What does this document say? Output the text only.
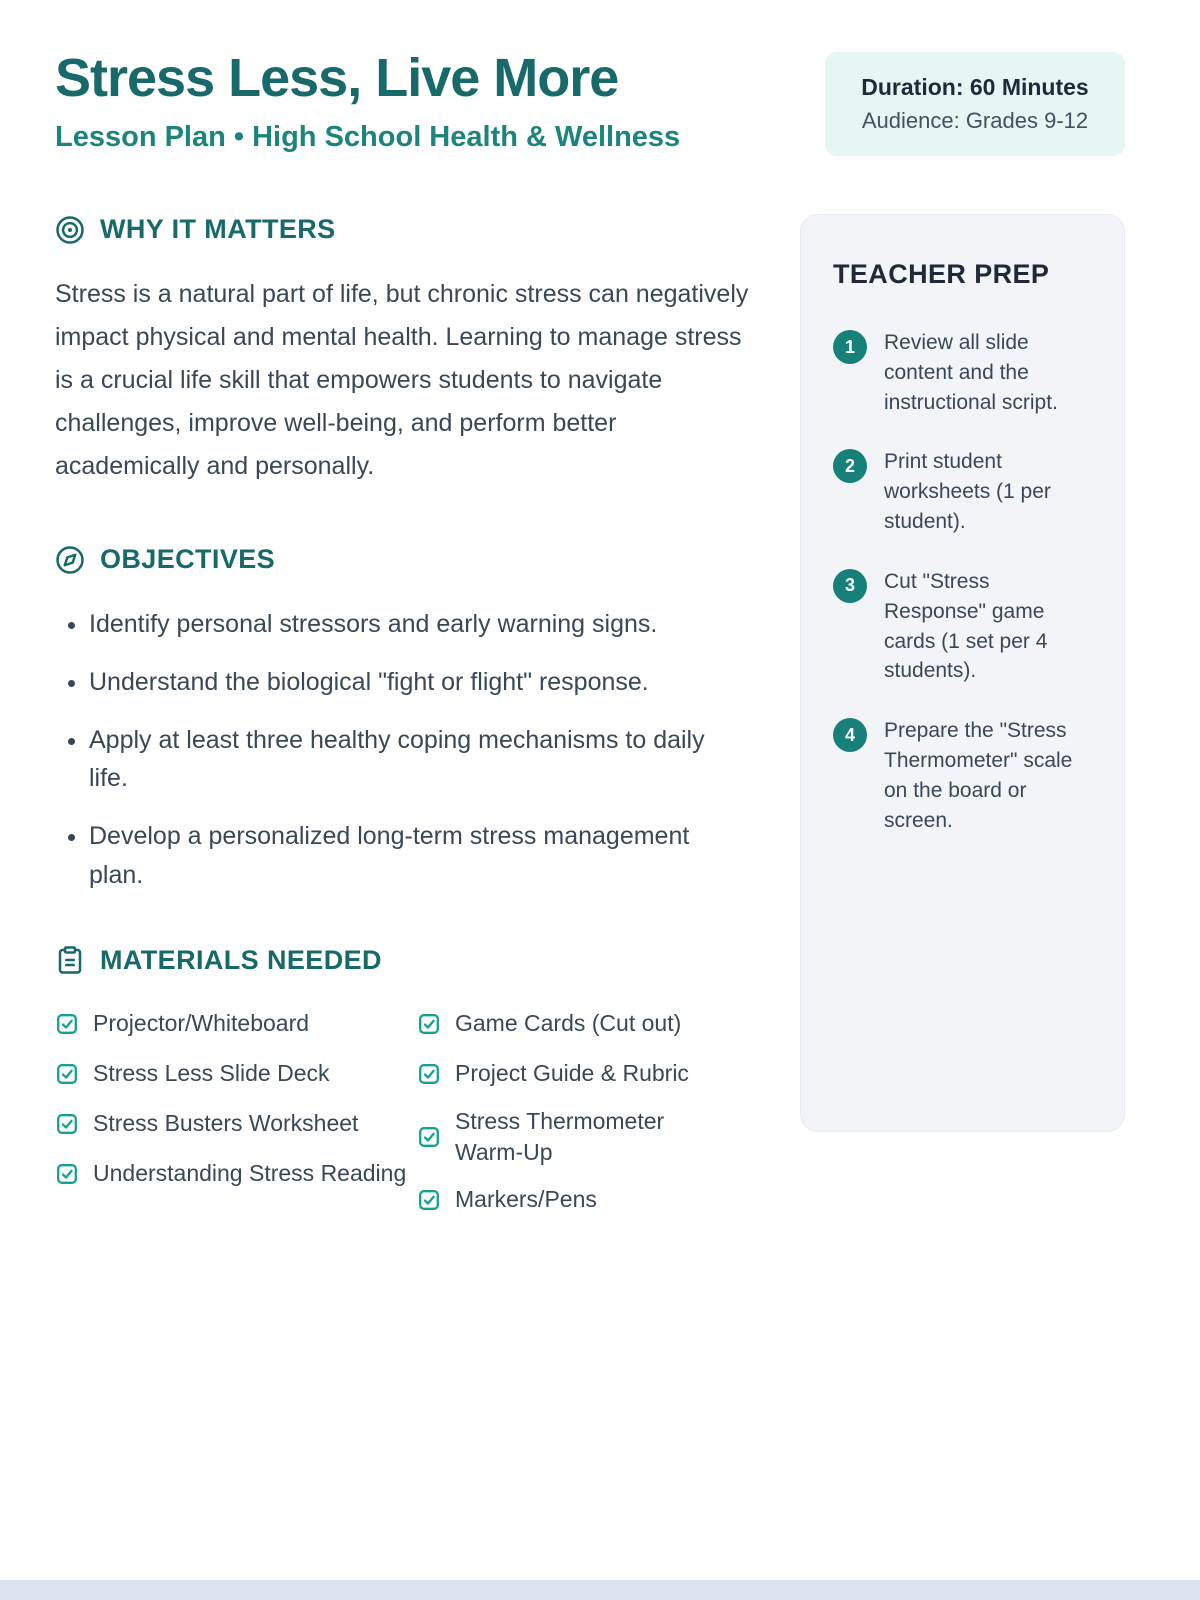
Stress Less, Live More
Lesson Plan • High School Health & Wellness
Duration: 60 Minutes
Audience: Grades 9-12
WHY IT MATTERS

Stress is a natural part of life, but chronic stress can negatively impact physical and mental health. Learning to manage stress is a crucial life skill that empowers students to navigate challenges, improve well-being, and perform better academically and personally.

OBJECTIVES
• Identify personal stressors and early warning signs.
• Understand the biological "fight or flight" response.
• Apply at least three healthy coping mechanisms to daily life.
• Develop a personalized long-term stress management plan.
MATERIALS NEEDED
Projector/Whiteboard
Stress Less Slide Deck
Stress Busters Worksheet
Understanding Stress Reading
Game Cards (Cut out)
Project Guide & Rubric
Stress Thermometer Warm-Up
Markers/Pens
TEACHER PREP
1	Review all slide content and the instructional script.
2	Print student worksheets (1 per student).
3	Cut "Stress Response" game cards (1 set per 4 students).
4	Prepare the "Stress Thermometer" scale on the board or screen.
